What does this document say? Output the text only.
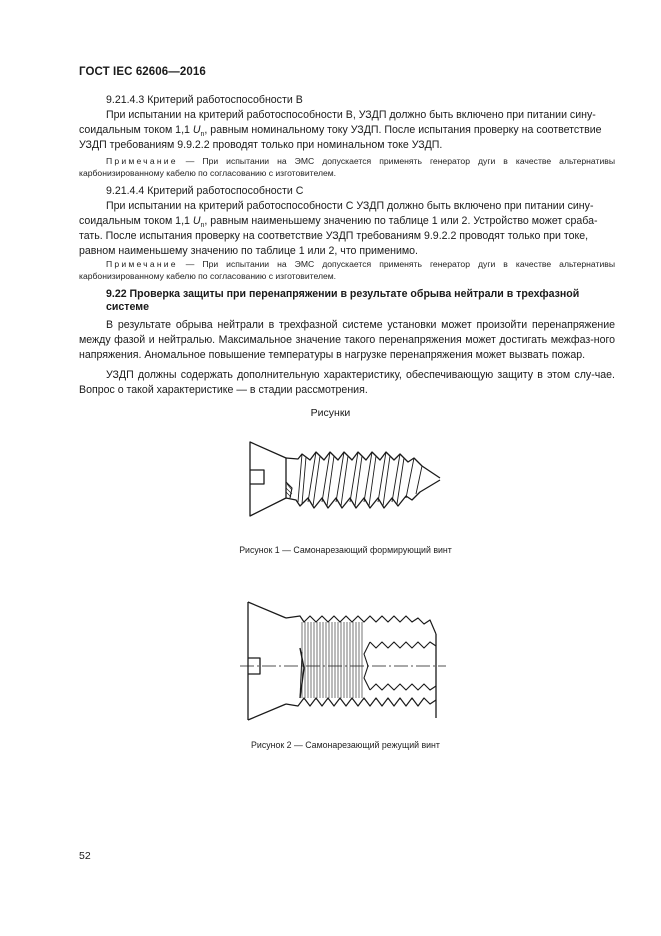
ГОСТ IEC 62606—2016

9.21.4.3 Критерий работоспособности В

При испытании на критерий работоспособности В, УЗДП должно быть включено при питании сину-

соидальным током 1,1 $U_n$, равным номинальному току УЗДП. После испытания проверку на соответствие

УЗДП требованиям 9.9.2.2 проводят только при номинальном токе УЗДП.

Примечание — При испытании на ЭМС допускается применять генератор дуги в качестве альтернативы карбонизированному кабелю по согласованию с изготовителем.

9.21.4.4 Критерий работоспособности С

При испытании на критерий работоспособности С УЗДП должно быть включено при питании сину-

соидальным током 1,1 $U_n$, равным наименьшему значению по таблице 1 или 2. Устройство может сраба-

тать. После испытания проверку на соответствие УЗДП требованиям 9.9.2.2 проводят только при токе,

равном наименьшему значению по таблице 1 или 2, что применимо.

Примечание — При испытании на ЭМС допускается применять генератор дуги в качестве альтернативы карбонизированному кабелю по согласованию с изготовителем.

9.22 Проверка защиты при перенапряжении в результате обрыва нейтрали в трехфазной системе

В результате обрыва нейтрали в трехфазной системе установки может произойти перенапряжение между фазой и нейтралью. Максимальное значение такого перенапряжения может достигать межфаз-ного напряжения. Аномальное повышение температуры в нагрузке перенапряжения может вызвать пожар.

УЗДП должны содержать дополнительную характеристику, обеспечивающую защиту в этом слу-чае. Вопрос о такой характеристике — в стадии рассмотрения.

Рисунки
Рисунок 1 — Самонарезающий формирующий винт
Рисунок 2 — Самонарезающий режущий винт
52
